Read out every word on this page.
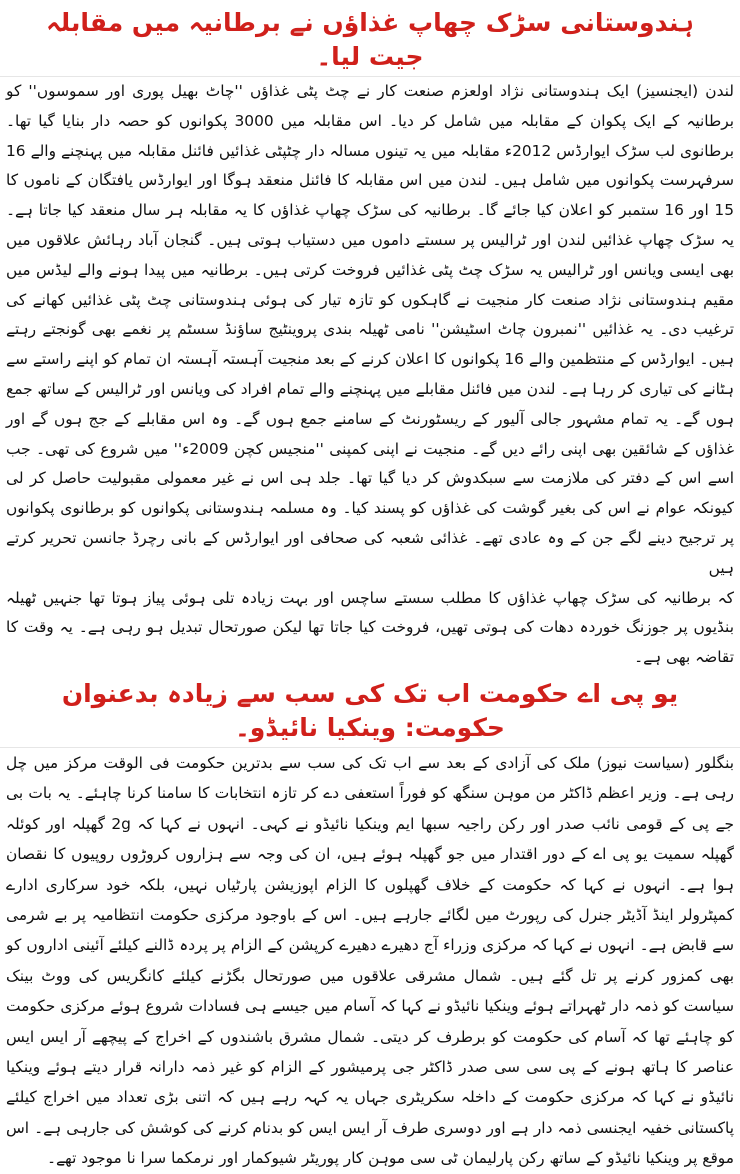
ہندوستانی سڑک چھاپ غذاؤں نے برطانیہ میں مقابلہ جیت لیا۔

لندن (ایجنسیز) ایک ہندوستانی نژاد اولعزم صنعت کار نے چٹ پٹی غذاؤں ''چاٹ بھیل پوری اور سموسوں'' کو برطانیہ کے ایک پکوان کے مقابلہ میں شامل کر دیا۔ اس مقابلہ میں 3000 پکوانوں کو حصہ دار بنایا گیا تھا۔ برطانوی لب سڑک ایوارڈس 2012ء مقابلہ میں یہ تینوں مسالہ دار چٹپٹی غذائیں فائنل مقابلہ میں پہنچنے والے 16 سرفہرست پکوانوں میں شامل ہیں۔ لندن میں اس مقابلہ کا فائنل منعقد ہوگا اور ایوارڈس یافتگان کے ناموں کا 15 اور 16 ستمبر کو اعلان کیا جائے گا۔ برطانیہ کی سڑک چھاپ غذاؤں کا یہ مقابلہ ہر سال منعقد کیا جاتا ہے۔ یہ سڑک چھاپ غذائیں لندن اور ٹرالیس پر سستے داموں میں دستیاب ہوتی ہیں۔ گنجان آباد رہائش علاقوں میں بھی ایسی ویانس اور ٹرالیس یہ سڑک چٹ پٹی غذائیں فروخت کرتی ہیں۔ برطانیہ میں پیدا ہونے والے لیڈس میں مقیم ہندوستانی نژاد صنعت کار منجیت نے گاہکوں کو تازہ تیار کی ہوئی ہندوستانی چٹ پٹی غذائیں کھانے کی ترغیب دی۔ یہ غذائیں ''نمبرون چاٹ اسٹیشن'' نامی ٹھیلہ بندی پروینٹیج ساؤنڈ سسٹم پر نغمے بھی گونجتے رہتے ہیں۔ ایوارڈس کے منتظمین والے 16 پکوانوں کا اعلان کرنے کے بعد منجیت آہستہ آہستہ ان تمام کو اپنے راستے سے ہٹانے کی تیاری کر رہا ہے۔ لندن میں فائنل مقابلے میں پہنچنے والے تمام افراد کی ویانس اور ٹرالیس کے ساتھ جمع ہوں گے۔ یہ تمام مشہور جالی آلیور کے ریسٹورنٹ کے سامنے جمع ہوں گے۔ وہ اس مقابلے کے جج ہوں گے اور غذاؤں کے شائقین بھی اپنی رائے دیں گے۔ منجیت نے اپنی کمپنی ''منجیس کچن 2009ء'' میں شروع کی تھی۔ جب اسے اس کے دفتر کی ملازمت سے سبکدوش کر دیا گیا تھا۔ جلد ہی اس نے غیر معمولی مقبولیت حاصل کر لی کیونکہ عوام نے اس کی بغیر گوشت کی غذاؤں کو پسند کیا۔ وہ مسلمہ ہندوستانی پکوانوں کو برطانوی پکوانوں پر ترجیح دینے لگے جن کے وہ عادی تھے۔ غذائی شعبہ کی صحافی اور ایوارڈس کے بانی رچرڈ جانسن تحریر کرتے ہیں

کہ برطانیہ کی سڑک چھاپ غذاؤں کا مطلب سستے ساچس اور بہت زیادہ تلی ہوئی پیاز ہوتا تھا جنہیں ٹھیلہ بنڈیوں پر جوزنگ خوردہ دھات کی ہوتی تھیں، فروخت کیا جاتا تھا لیکن صورتحال تبدیل ہو رہی ہے۔ یہ وقت کا تقاضہ بھی ہے۔

یو پی اے حکومت اب تک کی سب سے زیادہ بدعنوان حکومت: وینکیا نائیڈو۔

بنگلور (سیاست نیوز) ملک کی آزادی کے بعد سے اب تک کی سب سے بدترین حکومت فی الوقت مرکز میں چل رہی ہے۔ وزیر اعظم ڈاکٹر من موہن سنگھ کو فوراً استعفی دے کر تازہ انتخابات کا سامنا کرنا چاہئے۔ یہ بات بی جے پی کے قومی نائب صدر اور رکن راجیہ سبھا ایم وینکیا نائیڈو نے کہی۔ انہوں نے کہا کہ 2g گھپلہ اور کوئلہ گھپلہ سمیت یو پی اے کے دور اقتدار میں جو گھپلہ ہوئے ہیں، ان کی وجہ سے ہزاروں کروڑوں روپیوں کا نقصان ہوا ہے۔ انہوں نے کہا کہ حکومت کے خلاف گھپلوں کا الزام اپوزیشن پارٹیاں نہیں، بلکہ خود سرکاری ادارے کمپٹرولر اینڈ آڈیٹر جنرل کی رپورٹ میں لگائے جارہے ہیں۔ اس کے باوجود مرکزی حکومت انتظامیہ پر بے شرمی سے قابض ہے۔ انہوں نے کہا کہ مرکزی وزراء آج دھیرے دھیرے کرپشن کے الزام پر پردہ ڈالنے کیلئے آئینی اداروں کو بھی کمزور کرنے پر تل گئے ہیں۔ شمال مشرقی علاقوں میں صورتحال بگڑنے کیلئے کانگریس کی ووٹ بینک سیاست کو ذمہ دار ٹھہراتے ہوئے وینکیا نائیڈو نے کہا کہ آسام میں جیسے ہی فسادات شروع ہوئے مرکزی حکومت کو چاہئے تھا کہ آسام کی حکومت کو برطرف کر دیتی۔ شمال مشرق باشندوں کے اخراج کے پیچھے آر ایس ایس عناصر کا ہاتھ ہونے کے پی سی سی صدر ڈاکٹر جی پرمیشور کے الزام کو غیر ذمہ دارانہ قرار دیتے ہوئے وینکیا نائیڈو نے کہا کہ مرکزی حکومت کے داخلہ سکریٹری جہاں یہ کہہ رہے ہیں کہ اتنی بڑی تعداد میں اخراج کیلئے پاکستانی خفیہ ایجنسی ذمہ دار ہے اور دوسری طرف آر ایس ایس کو بدنام کرنے کی کوشش کی جارہی ہے۔ اس موقع پر وینکیا نائیڈو کے ساتھ رکن پارلیمان ٹی سی موہن کار پوریٹر شیوکمار اور نرمکما سرا نا موجود تھے۔
